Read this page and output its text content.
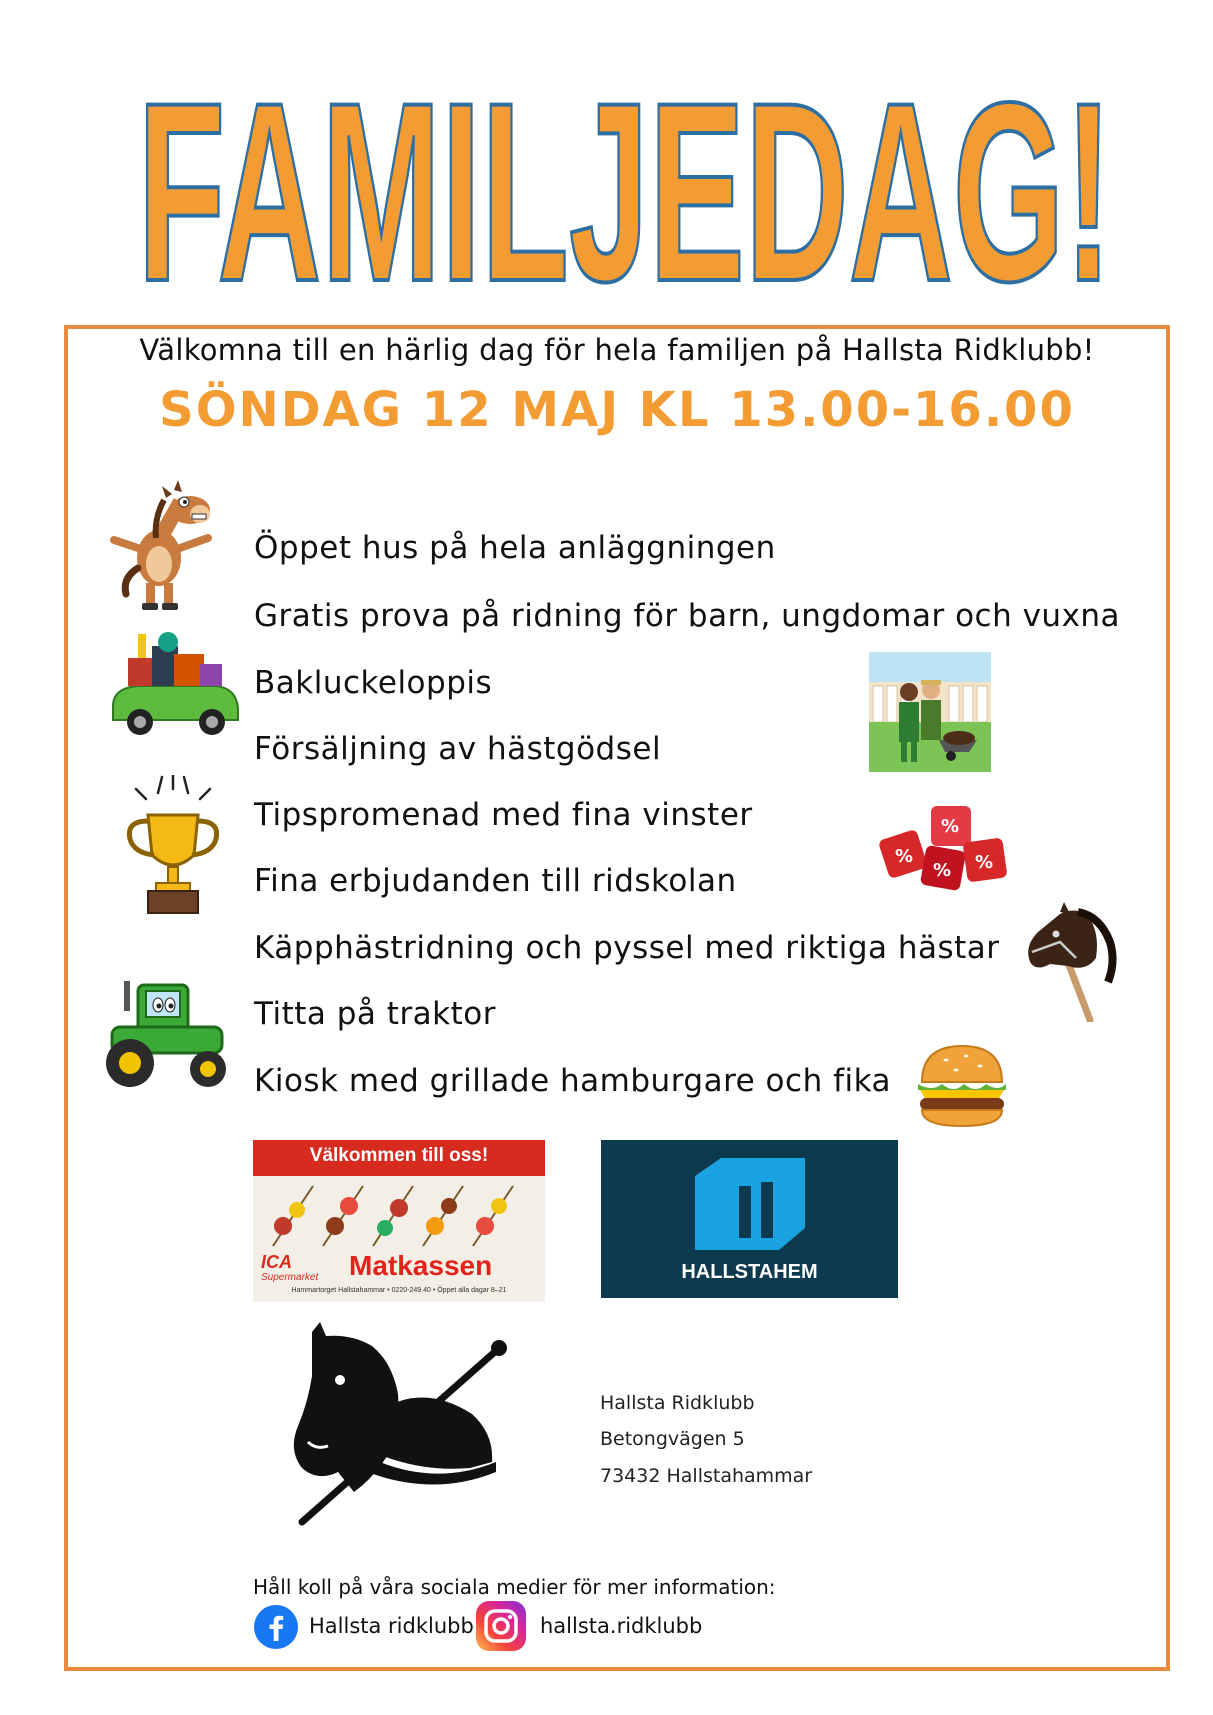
FAMILJEDAG!
Välkomna till en härlig dag för hela familjen på Hallsta Ridklubb!
SÖNDAG 12 MAJ KL 13.00-16.00
Öppet hus på hela anläggningen
Gratis prova på ridning för barn, ungdomar och vuxna
Bakluckeloppis
Försäljning av hästgödsel
Tipspromenad med fina vinster
Fina erbjudanden till ridskolan
Käpphästridning och pyssel med riktiga hästar
Titta på traktor
Kiosk med grillade hamburgare och fika
%
%
%
%
Välkommen till oss!
ICA
Supermarket Matkassen
Hammartorget Hallstahammar • 0220-249 40 • Öppet alla dagar 8–21
HALLSTAHEM
Hallsta Ridklubb
Betongvägen 5
73432 Hallstahammar
Håll koll på våra sociala medier för mer information:
Hallsta ridklubb	hallsta.ridklubb
